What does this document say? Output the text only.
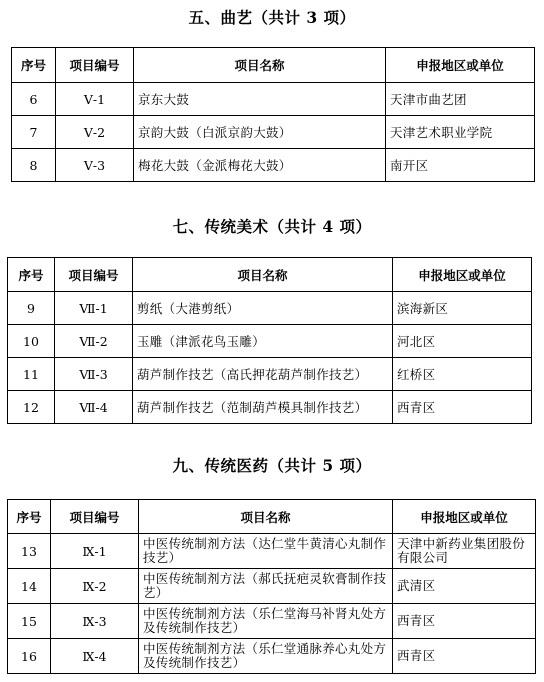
五、曲艺（共计 3 项）
序号	项目编号	项目名称	申报地区或单位
6	Ⅴ-1	京东大鼓	天津市曲艺团
7	Ⅴ-2	京韵大鼓（白派京韵大鼓）	天津艺术职业学院
8	Ⅴ-3	梅花大鼓（金派梅花大鼓）	南开区
七、传统美术（共计 4 项）
序号	项目编号	项目名称	申报地区或单位
9	Ⅶ-1	剪纸（大港剪纸）	滨海新区
10	Ⅶ-2	玉雕（津派花鸟玉雕）	河北区
11	Ⅶ-3	葫芦制作技艺（高氏押花葫芦制作技艺）	红桥区
12	Ⅶ-4	葫芦制作技艺（范制葫芦模具制作技艺）	西青区
九、传统医药（共计 5 项）
序号	项目编号	项目名称	申报地区或单位
13	Ⅸ-1	中医传统制剂方法（达仁堂牛黄清心丸制作技艺）	天津中新药业集团股份有限公司
14	Ⅸ-2	中医传统制剂方法（郝氏抚疤灵软膏制作技艺）	武清区
15	Ⅸ-3	中医传统制剂方法（乐仁堂海马补肾丸处方及传统制作技艺）	西青区
16	Ⅸ-4	中医传统制剂方法（乐仁堂通脉养心丸处方及传统制作技艺）	西青区
